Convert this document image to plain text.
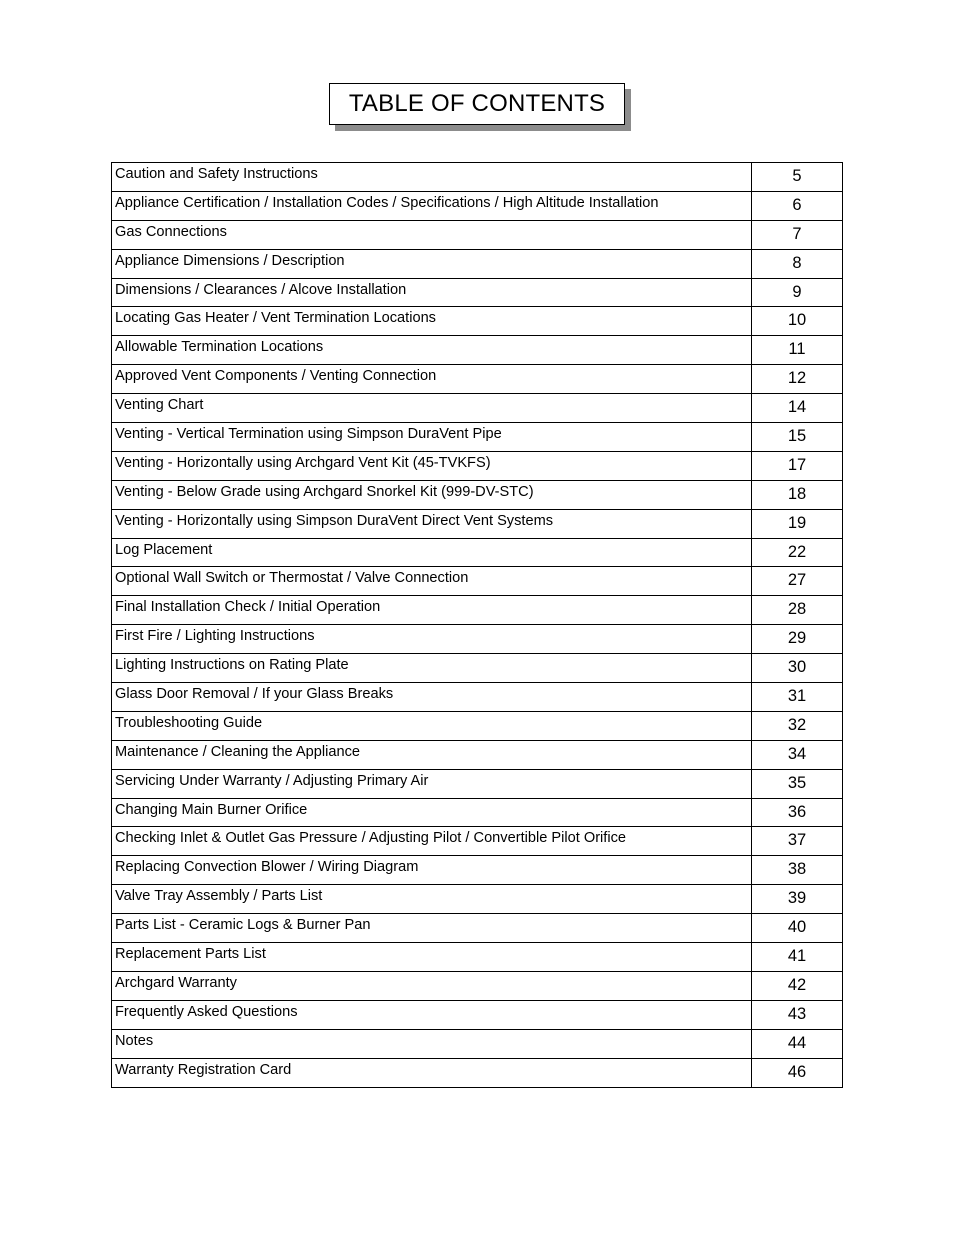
TABLE OF CONTENTS
Caution and Safety Instructions	5
Appliance Certification / Installation Codes / Specifications / High Altitude Installation	6
Gas Connections	7
Appliance Dimensions / Description	8
Dimensions / Clearances / Alcove Installation	9
Locating Gas Heater / Vent Termination Locations	10
Allowable Termination Locations	11
Approved Vent Components / Venting Connection	12
Venting Chart	14
Venting - Vertical Termination using Simpson DuraVent Pipe	15
Venting - Horizontally using Archgard Vent Kit (45-TVKFS)	17
Venting - Below Grade using Archgard Snorkel Kit (999-DV-STC)	18
Venting - Horizontally using Simpson DuraVent Direct Vent Systems	19
Log Placement	22
Optional Wall Switch or Thermostat / Valve Connection	27
Final Installation Check / Initial Operation	28
First Fire / Lighting Instructions	29
Lighting Instructions on Rating Plate	30
Glass Door Removal / If your Glass Breaks	31
Troubleshooting Guide	32
Maintenance / Cleaning the Appliance	34
Servicing Under Warranty / Adjusting Primary Air	35
Changing Main Burner Orifice	36
Checking Inlet & Outlet Gas Pressure / Adjusting Pilot / Convertible Pilot Orifice	37
Replacing Convection Blower / Wiring Diagram	38
Valve Tray Assembly / Parts List	39
Parts List - Ceramic Logs & Burner Pan	40
Replacement Parts List	41
Archgard Warranty	42
Frequently Asked Questions	43
Notes	44
Warranty Registration Card	46
